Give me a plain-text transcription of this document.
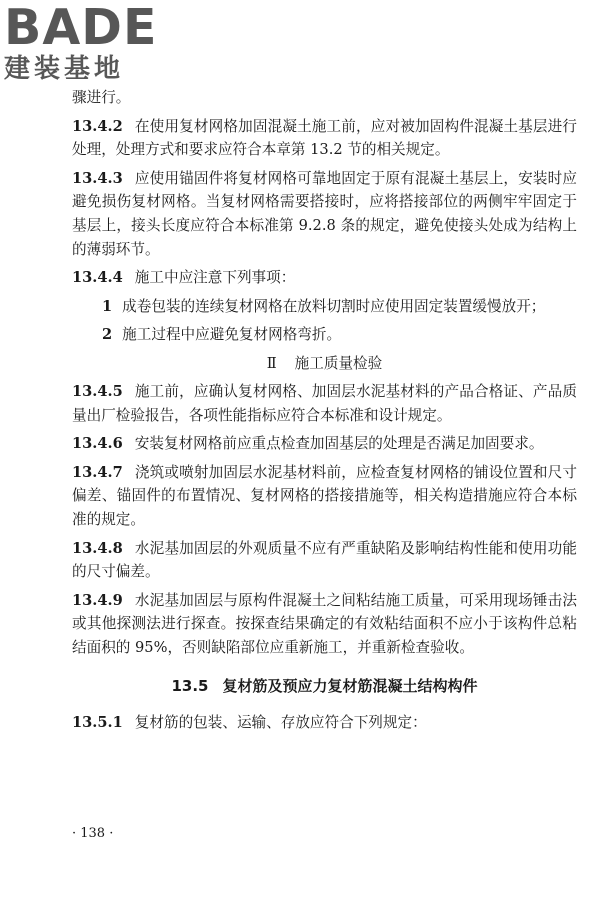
BADE
建装基地

骤进行。

13.4.2 在使用复材网格加固混凝土施工前，应对被加固构件混凝土基层进行处理，处理方式和要求应符合本章第 13.2 节的相关规定。

13.4.3 应使用锚固件将复材网格可靠地固定于原有混凝土基层上，安装时应避免损伤复材网格。当复材网格需要搭接时，应将搭接部位的两侧牢牢固定于基层上，接头长度应符合本标准第 9.2.8 条的规定，避免使接头处成为结构上的薄弱环节。

13.4.4 施工中应注意下列事项：

1 成卷包装的连续复材网格在放料切割时应使用固定装置缓慢放开；

2 施工过程中应避免复材网格弯折。

Ⅱ 施工质量检验

13.4.5 施工前，应确认复材网格、加固层水泥基材料的产品合格证、产品质量出厂检验报告，各项性能指标应符合本标准和设计规定。

13.4.6 安装复材网格前应重点检查加固基层的处理是否满足加固要求。

13.4.7 浇筑或喷射加固层水泥基材料前，应检查复材网格的铺设位置和尺寸偏差、锚固件的布置情况、复材网格的搭接措施等，相关构造措施应符合本标准的规定。

13.4.8 水泥基加固层的外观质量不应有严重缺陷及影响结构性能和使用功能的尺寸偏差。

13.4.9 水泥基加固层与原构件混凝土之间粘结施工质量，可采用现场锤击法或其他探测法进行探查。按探查结果确定的有效粘结面积不应小于该构件总粘结面积的 95%，否则缺陷部位应重新施工，并重新检查验收。

13.5 复材筋及预应力复材筋混凝土结构构件

13.5.1 复材筋的包装、运输、存放应符合下列规定：

· 138 ·
